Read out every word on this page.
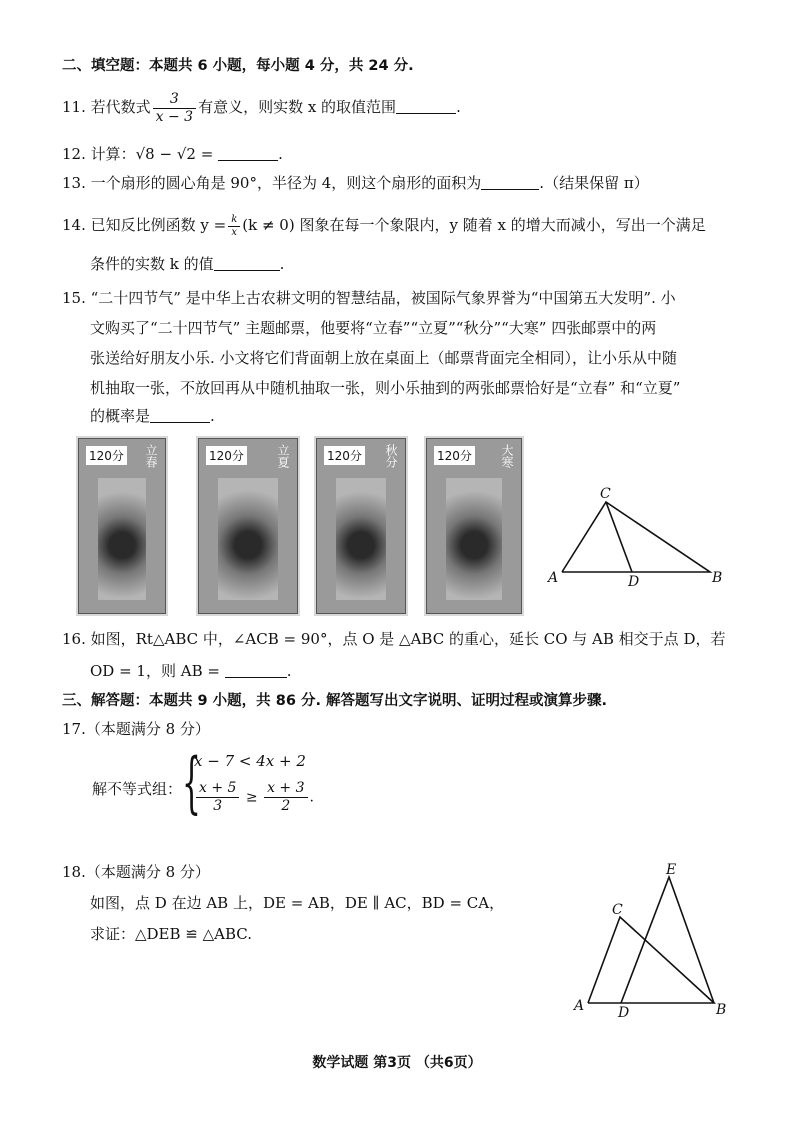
二、填空题：本题共 6 小题，每小题 4 分，共 24 分.
11. 若代数式 $\frac{3}{x - 3}$ 有意义，则实数 x 的取值范围	.
12. 计算：√8 − √2 =	.
13. 一个扇形的圆心角是 90°，半径为 4，则这个扇形的面积为	.（结果保留 π）
14. 已知反比例函数 $y = \frac{k}{x} (k \ne 0)$ 图象在每一个象限内，y 随着 x 的增大而减小，写出一个满足
条件的实数 k 的值	.
15. “二十四节气” 是中华上古农耕文明的智慧结晶，被国际气象界誉为“中国第五大发明”. 小
文购买了“二十四节气” 主题邮票，他要将“立春”“立夏”“秋分”“大寒” 四张邮票中的两
张送给好朋友小乐. 小文将它们背面朝上放在桌面上（邮票背面完全相同），让小乐从中随
机抽取一张，不放回再从中随机抽取一张，则小乐抽到的两张邮票恰好是“立春” 和“立夏”
的概率是	.
120分 立春	120分	立夏	120分 秋分	120分 大寒
C
A	D	B
16. 如图，Rt△ABC 中，∠ACB = 90°，点 O 是 △ABC 的重心，延长 CO 与 AB 相交于点 D，若
OD = 1，则 AB =	.
三、解答题：本题共 9 小题，共 86 分. 解答题写出文字说明、证明过程或演算步骤.
17.（本题满分 8 分）
解不等式组： {
x − 7 < 4x + 2
$\frac{x + 5}{3} \ge \frac{x + 3}{2}$ .
18.（本题满分 8 分）
如图，点 D 在边 AB 上，DE = AB，DE ∥ AC，BD = CA，
求证：△DEB ≌ △ABC.
E
C
A D	B
数学试题 第3页 （共6页）
